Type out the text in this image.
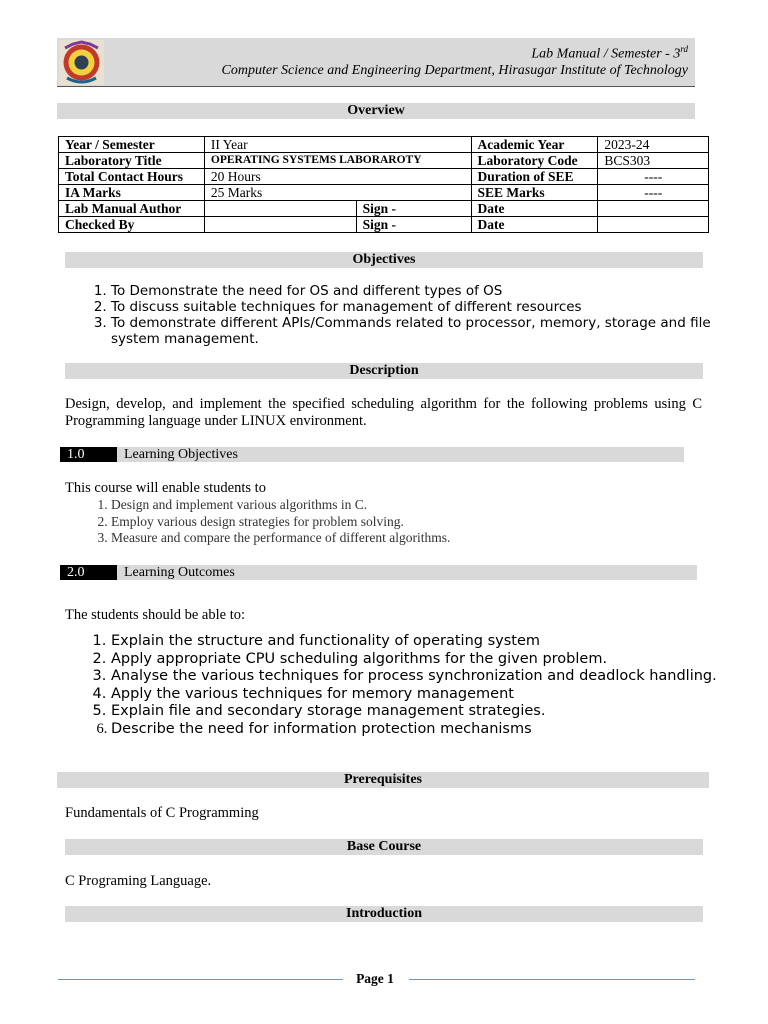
Lab Manual / Semester - 3rd
Computer Science and Engineering Department, Hirasugar Institute of Technology
Overview
Year / Semester	II Year		Academic Year	2023-24
Laboratory Title	OPERATING SYSTEMS LABORAROTY		Laboratory Code	BCS303
Total Contact Hours	20 Hours		Duration of SEE	----
IA Marks	25 Marks		SEE Marks	----
Lab Manual Author		Sign -	Date	
Checked By		Sign -	Date	
Objectives
1. To Demonstrate the need for OS and different types of OS
2. To discuss suitable techniques for management of different resources
3. To demonstrate different APIs/Commands related to processor, memory, storage and file system management.
Description
Design, develop, and implement the specified scheduling algorithm for the following problems using C Programming language under LINUX environment.
1.0	Learning Objectives
This course will enable students to
1. Design and implement various algorithms in C.
2. Employ various design strategies for problem solving.
3. Measure and compare the performance of different algorithms.
2.0	Learning Outcomes
The students should be able to:
1. Explain the structure and functionality of operating system
2. Apply appropriate CPU scheduling algorithms for the given problem.
3. Analyse the various techniques for process synchronization and deadlock handling.
4. Apply the various techniques for memory management
5. Explain file and secondary storage management strategies.
6. Describe the need for information protection mechanisms
Prerequisites
Fundamentals of C Programming
Base Course
C Programing Language.
Introduction
Page 1
